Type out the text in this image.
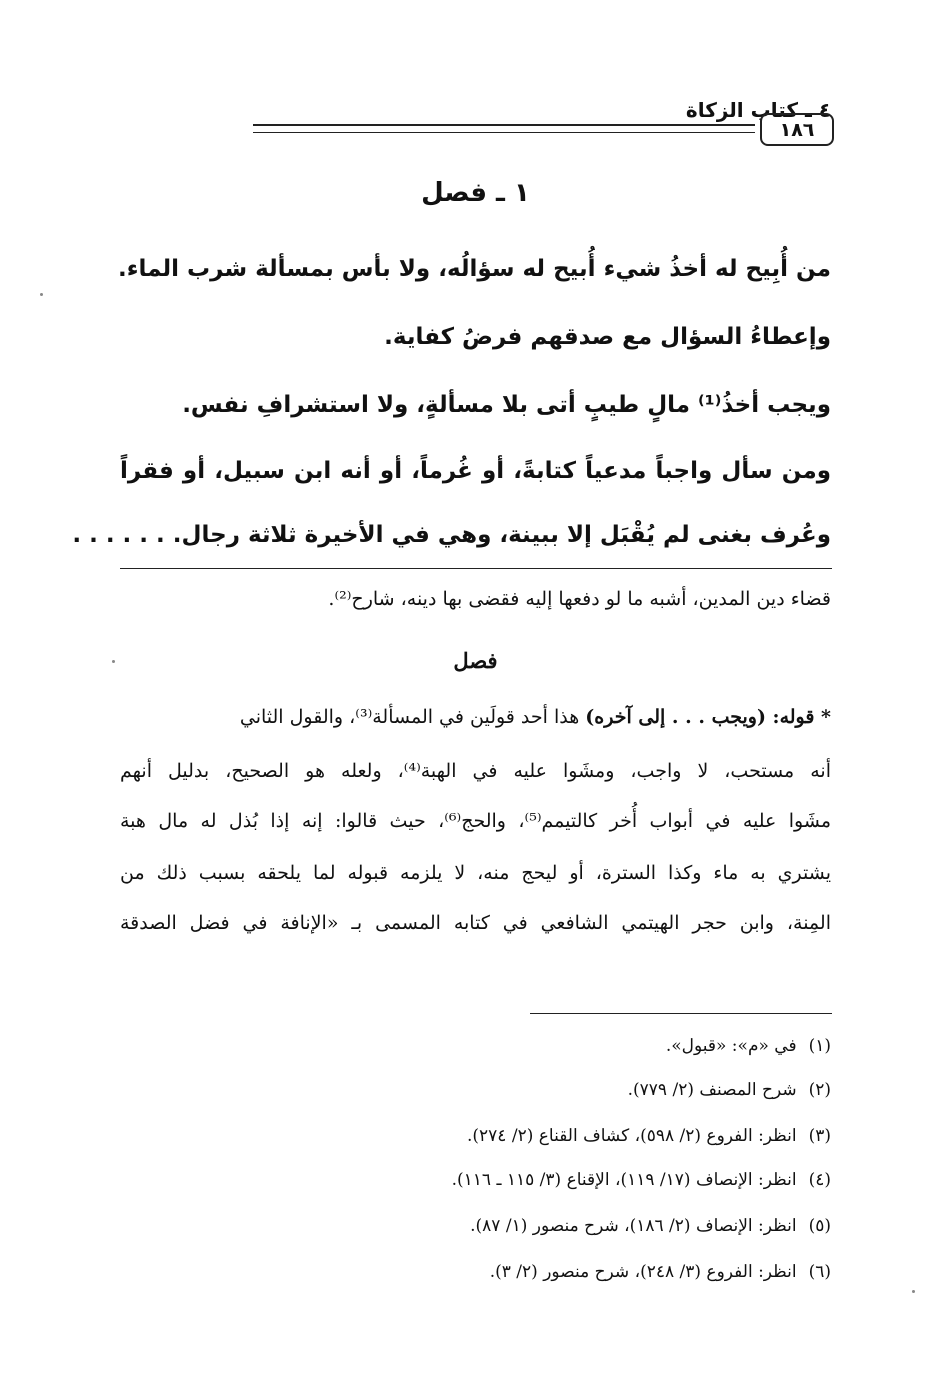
٤ ـ كتاب الزكاة
١٨٦
١ ـ فصل
من أُبِيح له أخذُ شيء أُبيح له سؤالُه، ولا بأس بمسألة شرب الماء.
وإعطاءُ السؤال مع صدقهم فرضُ كفاية.
ويجب أخذُ⁽¹⁾ مالٍ طيبٍ أتى بلا مسألةٍ، ولا استشرافِ نفس.
ومن سأل واجباً مدعياً كتابةً، أو غُرماً، أو أنه ابن سبيل، أو فقراً
وعُرف بغنى لم يُقْبَل إلا ببينة، وهي في الأخيرة ثلاثة رجال. . . . . . .
قضاء دين المدين، أشبه ما لو دفعها إليه فقضى بها دينه، شارح⁽²⁾.
فصل
* قوله: (ويجب . . . إلى آخره) هذا أحد قولَين في المسألة⁽³⁾، والقول الثاني
أنه مستحب، لا واجب، ومشَوا عليه في الهبة⁽⁴⁾، ولعله هو الصحيح، بدليل أنهم
مشَوا عليه في أبواب أُخر كالتيمم⁽⁵⁾، والحج⁽⁶⁾، حيث قالوا: إنه إذا بُذل له مال هبة
يشتري به ماء وكذا السترة، أو ليحج منه، لا يلزمه قبوله لما يلحقه بسبب ذلك من
المِنة، وابن حجر الهيتمي الشافعي في كتابه المسمى بـ «الإنافة في فضل الصدقة
(١)في «م»: «قبول».
(٢)شرح المصنف (٢/ ٧٧٩).
(٣)انظر: الفروع (٢/ ٥٩٨)، كشاف القناع (٢/ ٢٧٤).
(٤)انظر: الإنصاف (١٧/ ١١٩)، الإقناع (٣/ ١١٥ ـ ١١٦).
(٥)انظر: الإنصاف (٢/ ١٨٦)، شرح منصور (١/ ٨٧).
(٦)انظر: الفروع (٣/ ٢٤٨)، شرح منصور (٢/ ٣).
